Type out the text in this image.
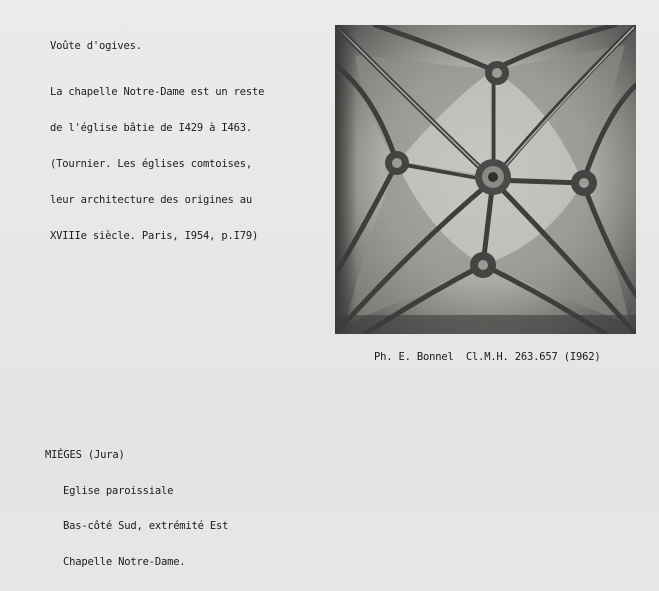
Voûte d'ogives.

La chapelle Notre-Dame est un reste

de l'église bâtie de I429 à I463.

(Tournier. Les églises comtoises,

leur architecture des origines au

XVIIIe siècle. Paris, I954, p.I79)

Ph. E. Bonnel  Cl.M.H. 263.657 (I962)

MIÉGES (Jura)

Eglise paroissiale

Bas-côté Sud, extrémité Est

Chapelle Notre-Dame.
